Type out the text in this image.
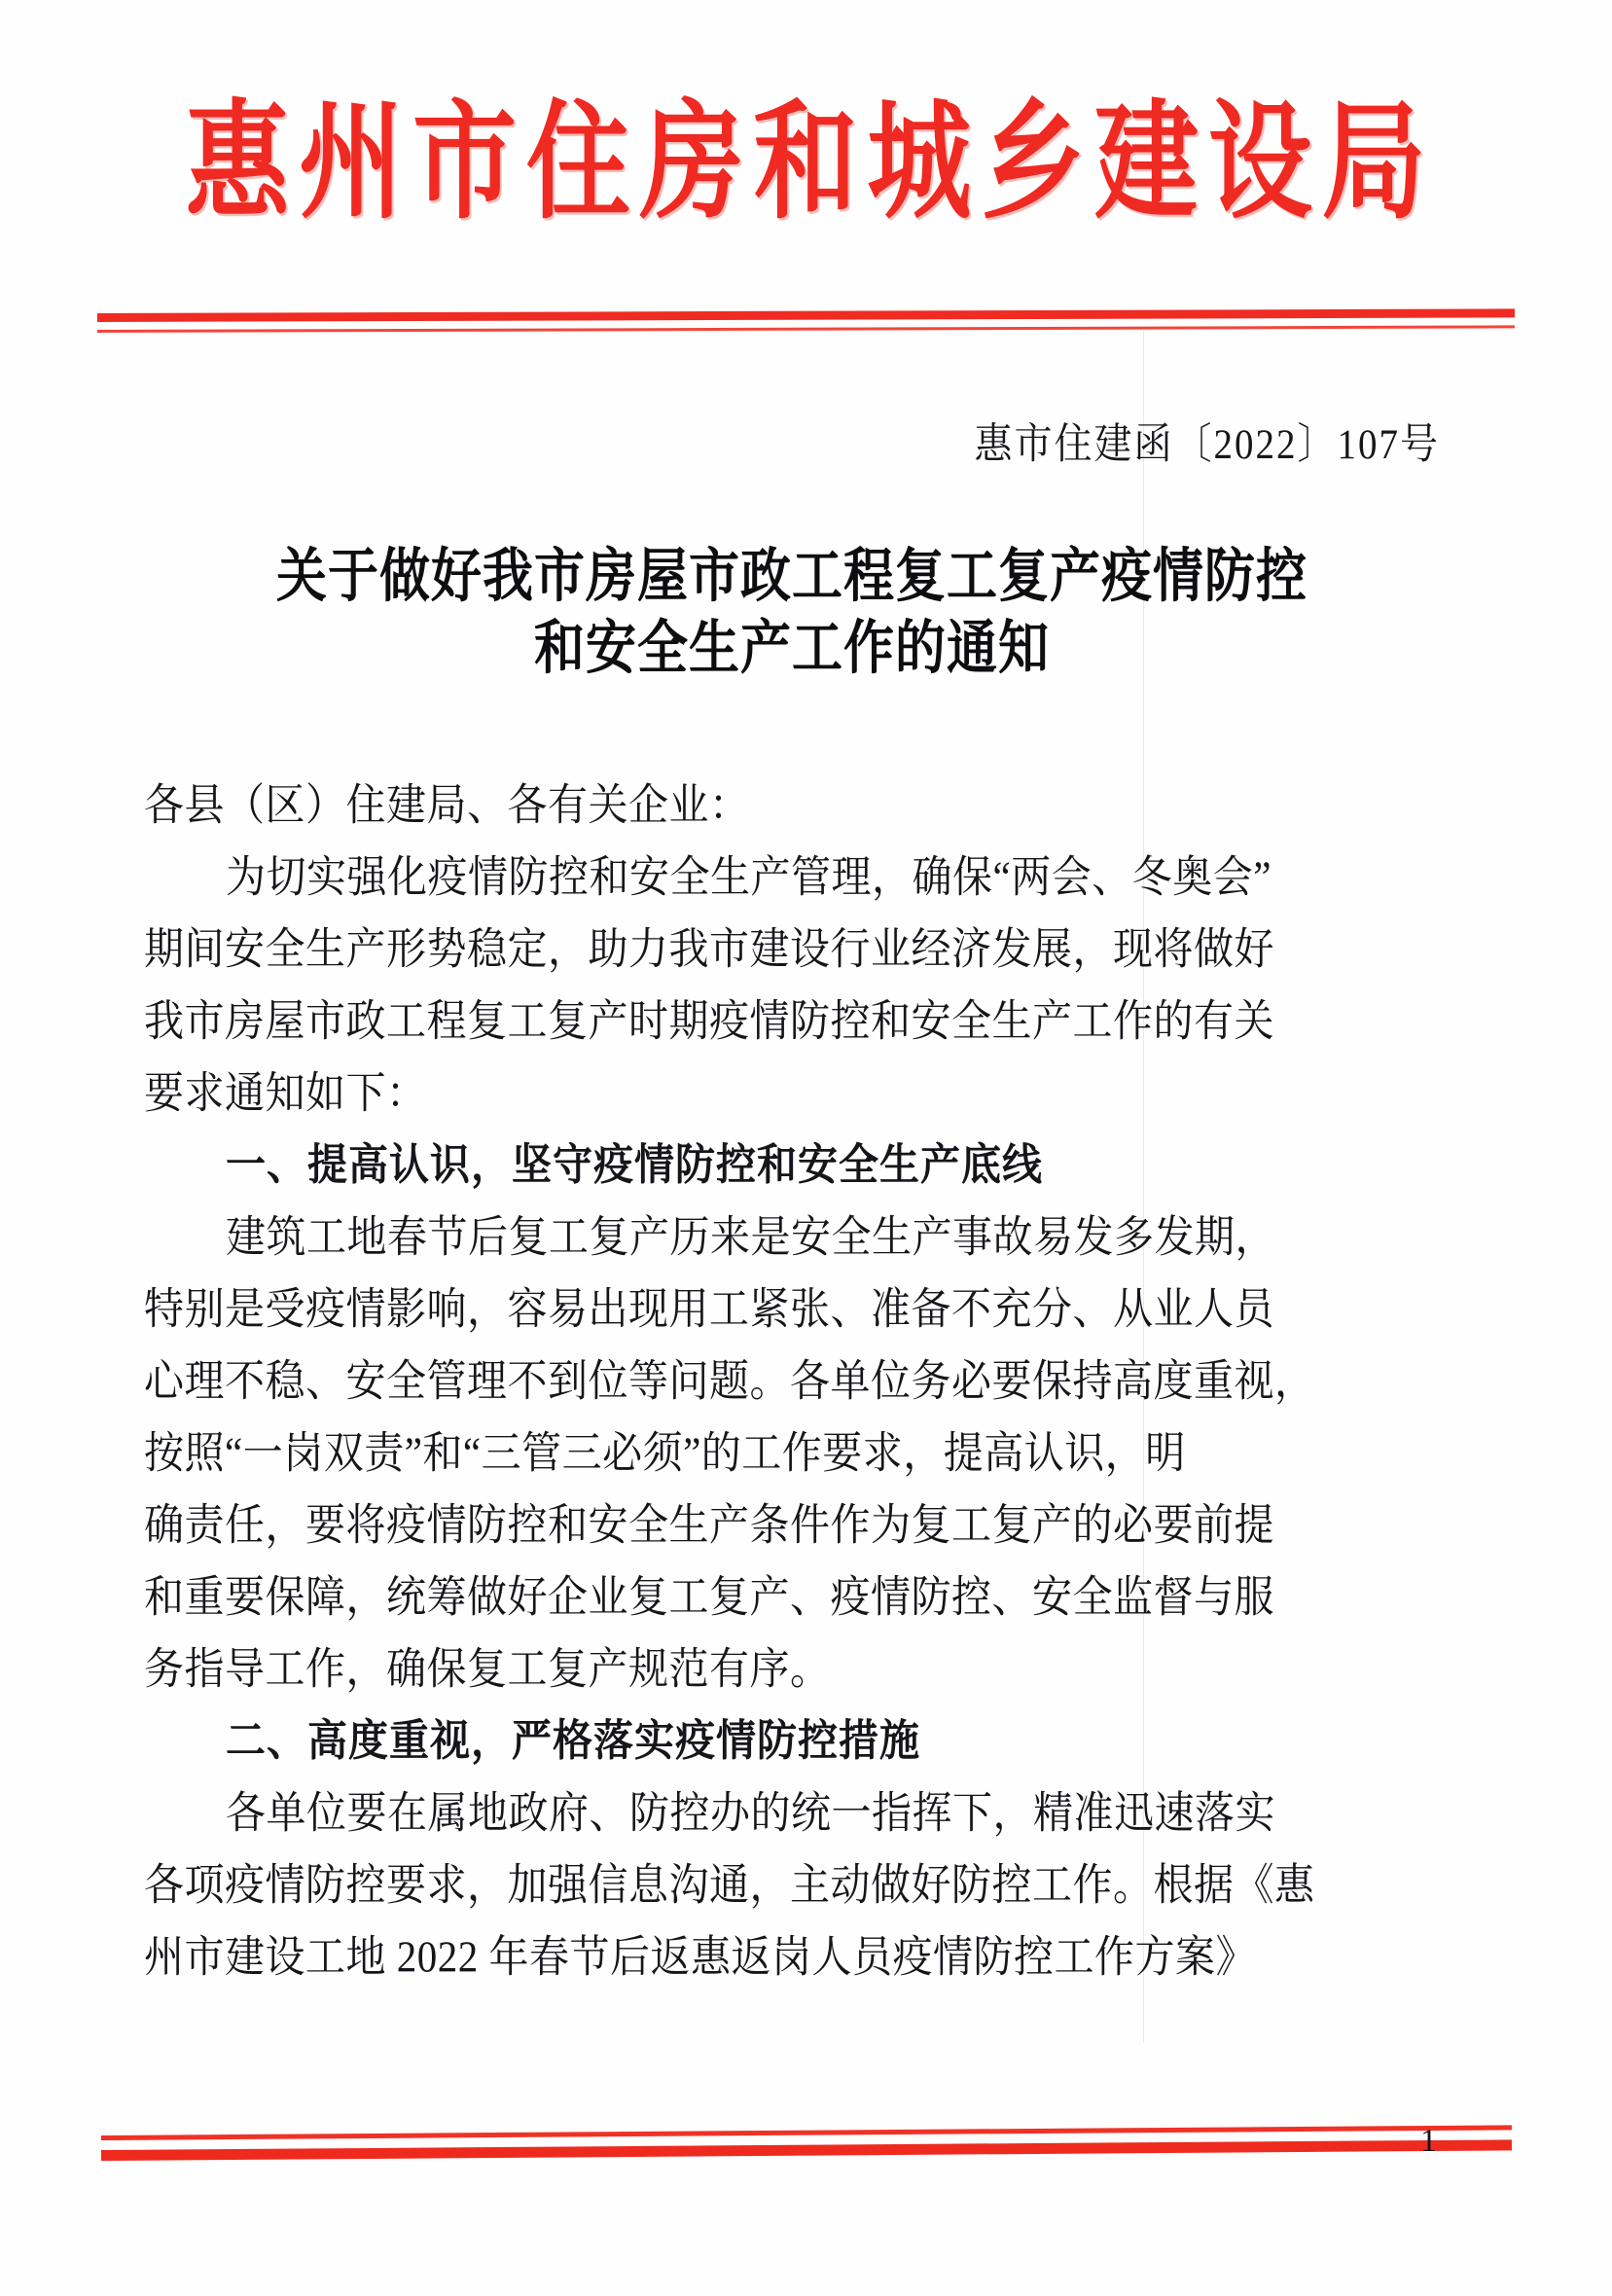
惠州市住房和城乡建设局
惠市住建函〔2022〕107号
关于做好我市房屋市政工程复工复产疫情防控
和安全生产工作的通知
各县（区）住建局、各有关企业：
为切实强化疫情防控和安全生产管理，确保“两会、冬奥会”
期间安全生产形势稳定，助力我市建设行业经济发展，现将做好
我市房屋市政工程复工复产时期疫情防控和安全生产工作的有关
要求通知如下：
一、提高认识，坚守疫情防控和安全生产底线
建筑工地春节后复工复产历来是安全生产事故易发多发期，
特别是受疫情影响，容易出现用工紧张、准备不充分、从业人员
心理不稳、安全管理不到位等问题。各单位务必要保持高度重视，
按照“一岗双责”和“三管三必须”的工作要求，提高认识，明
确责任，要将疫情防控和安全生产条件作为复工复产的必要前提
和重要保障，统筹做好企业复工复产、疫情防控、安全监督与服
务指导工作，确保复工复产规范有序。
二、高度重视，严格落实疫情防控措施
各单位要在属地政府、防控办的统一指挥下，精准迅速落实
各项疫情防控要求，加强信息沟通，主动做好防控工作。根据《惠
州市建设工地 2022 年春节后返惠返岗人员疫情防控工作方案》
1
